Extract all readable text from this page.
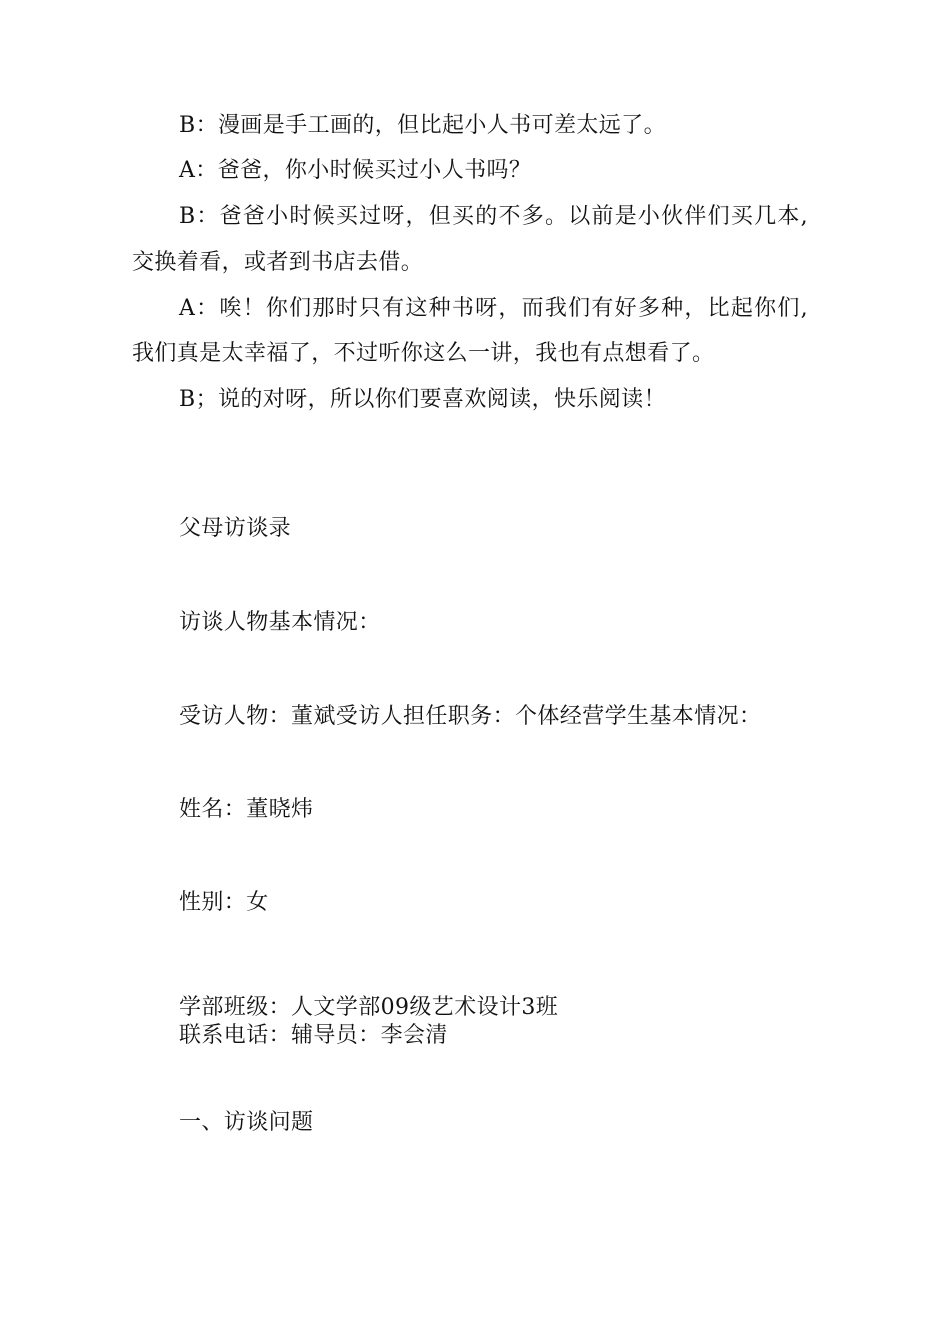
B：漫画是手工画的，但比起小人书可差太远了。
A：爸爸，你小时候买过小人书吗？
B：爸爸小时候买过呀，但买的不多。以前是小伙伴们买几本,
交换着看，或者到书店去借。
A：唉！你们那时只有这种书呀，而我们有好多种，比起你们,
我们真是太幸福了，不过听你这么一讲，我也有点想看了。
B；说的对呀，所以你们要喜欢阅读，快乐阅读！
父母访谈录
访谈人物基本情况：
受访人物：董斌受访人担任职务：个体经营学生基本情况：
姓名：董晓炜
性别：女
学部班级：人文学部09级艺术设计3班
联系电话：辅导员：李会清
一、访谈问题
